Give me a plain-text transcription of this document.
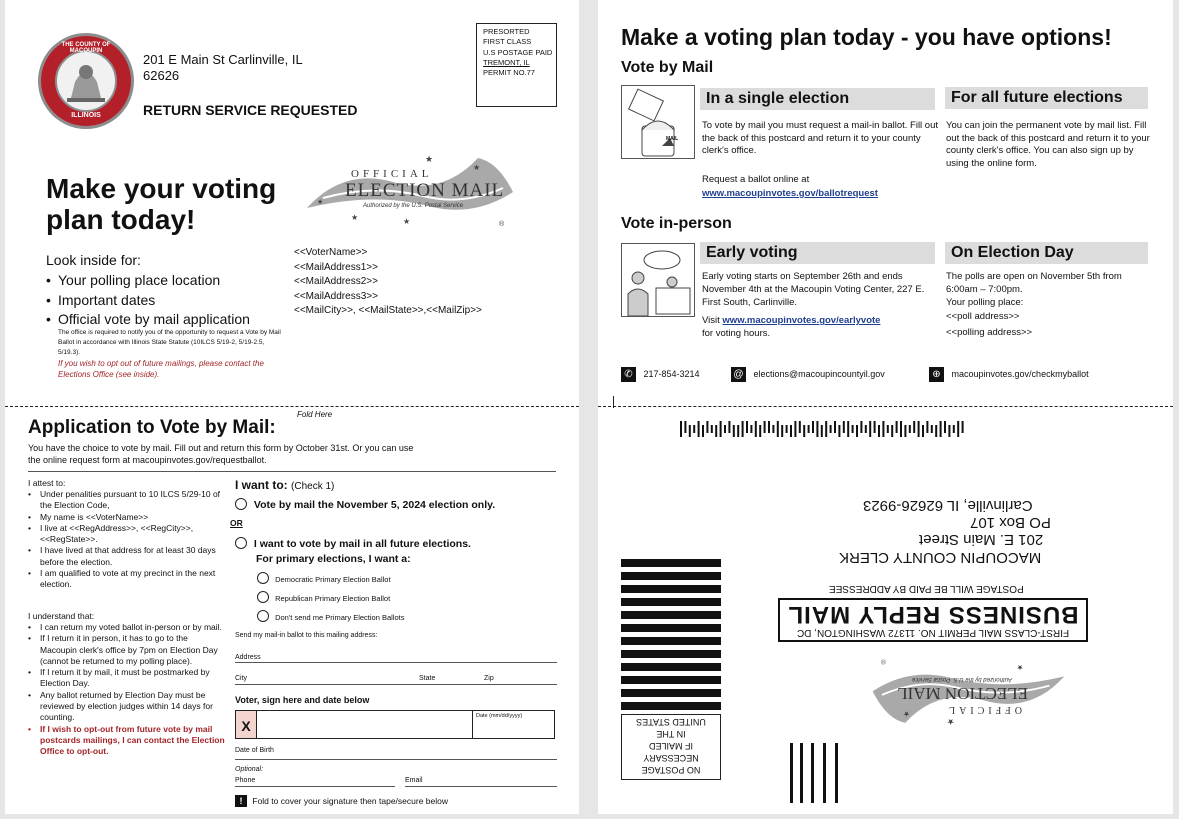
THE COUNTY OF MACOUPIN
ILLINOIS
201 E Main St Carlinville, IL
62626
RETURN SERVICE REQUESTED
PRESORTED
FIRST CLASS
U.S POSTAGE PAID
TREMONT, IL
PERMIT NO.77
★
★
★	★
★
®
OFFICIAL
ELECTION MAIL
Authorized by the U.S. Postal Service
Make your voting
plan today!
Look inside for:
• Your polling place location
• Important dates
• Official vote by mail application
The office is required to notify you of the opportunity to request a Vote by Mail Ballot in accordance with Illinois State Statute (10ILCS 5/19-2, 5/19-2.5, 5/19.3).
If you wish to opt out of future mailings, please contact the Elections Office (see inside).
<<VoterName>>
<<MailAddress1>>
<<MailAddress2>>
<<MailAddress3>>
<<MailCity>>, <<MailState>>,<<MailZip>>
Fold Here
Application to Vote by Mail:
You have the choice to vote by mail. Fill out and return this form by October 31st. Or you can use
the online request form at macoupinvotes.gov/requestballot.
I attest to:
• Under penalities pursuant to 10 ILCS 5/29-10 of the Election Code,
• My name is <<VoterName>>
• I live at <<RegAddress>>, <<RegCity>>, <<RegState>>.
• I have lived at that address for at least 30 days before the election.
• I am qualified to vote at my precinct in the next election.
I understand that:
• I can return my voted ballot in-person or by mail.
• If I return it in person, it has to go to the Macoupin clerk's office by 7pm on Election Day (cannot be returned to my polling place).
• If I return it by mail, it must be postmarked by Election Day.
• Any ballot returned by Election Day must be reviewed by election judges within 14 days for counting.
• If I wish to opt-out from future vote by mail postcards mailings, I can contact the Election Office to opt-out.
I want to: (Check 1)
Vote by mail the November 5, 2024 election only.
OR
I want to vote by mail in all future elections.
For primary elections, I want a:
Democratic Primary Election Ballot
Republican Primary Election Ballot
Don't send me Primary Election Ballots
Send my mail-in ballot to this mailing address:
Address
City	State	Zip
Voter, sign here and date below
X
Date (mm/dd/yyyy)
Date of Birth
Optional:
Phone	Email
! Fold to cover your signature then tape/secure below
Make a voting plan today - you have options!
Vote by Mail
MAIL
In a single election
To vote by mail you must request a mail-in ballot. Fill out the back of this postcard and return it to your county clerk's office.
Request a ballot online at
www.macoupinvotes.gov/ballotrequest
For all future elections
You can join the permanent vote by mail list. Fill out the back of this postcard and return it to your county clerk's office. You can also sign up by using the online form.
Vote in-person
Early voting
Early voting starts on September 26th and ends November 4th at the Macoupin Voting Center, 227 E. First South, Carlinville.
Visit www.macoupinvotes.gov/earlyvote
for voting hours.
On Election Day
The polls are open on November 5th from 6:00am – 7:00pm.
Your polling place:
<<poll address>>
<<polling address>>
✆ 217-854-3214	@ elections@macoupincountyil.gov	⊕ macoupinvotes.gov/checkmyballot
Carlinville, IL 62626-9923
PO Box 107
201 E. Main Street
MACOUPIN COUNTY CLERK
POSTAGE WILL BE PAID BY ADDRESSEE
FIRST-CLASS MAIL PERMIT NO. 11372 WASHINGTON, DC
BUSINESS REPLY MAIL
★
★
★
®
OFFICIAL
ELECTION MAIL
Authorized by the U.S. Postal Service
NO POSTAGE
NECESSARY
IF MAILED
IN THE
UNITED STATES
